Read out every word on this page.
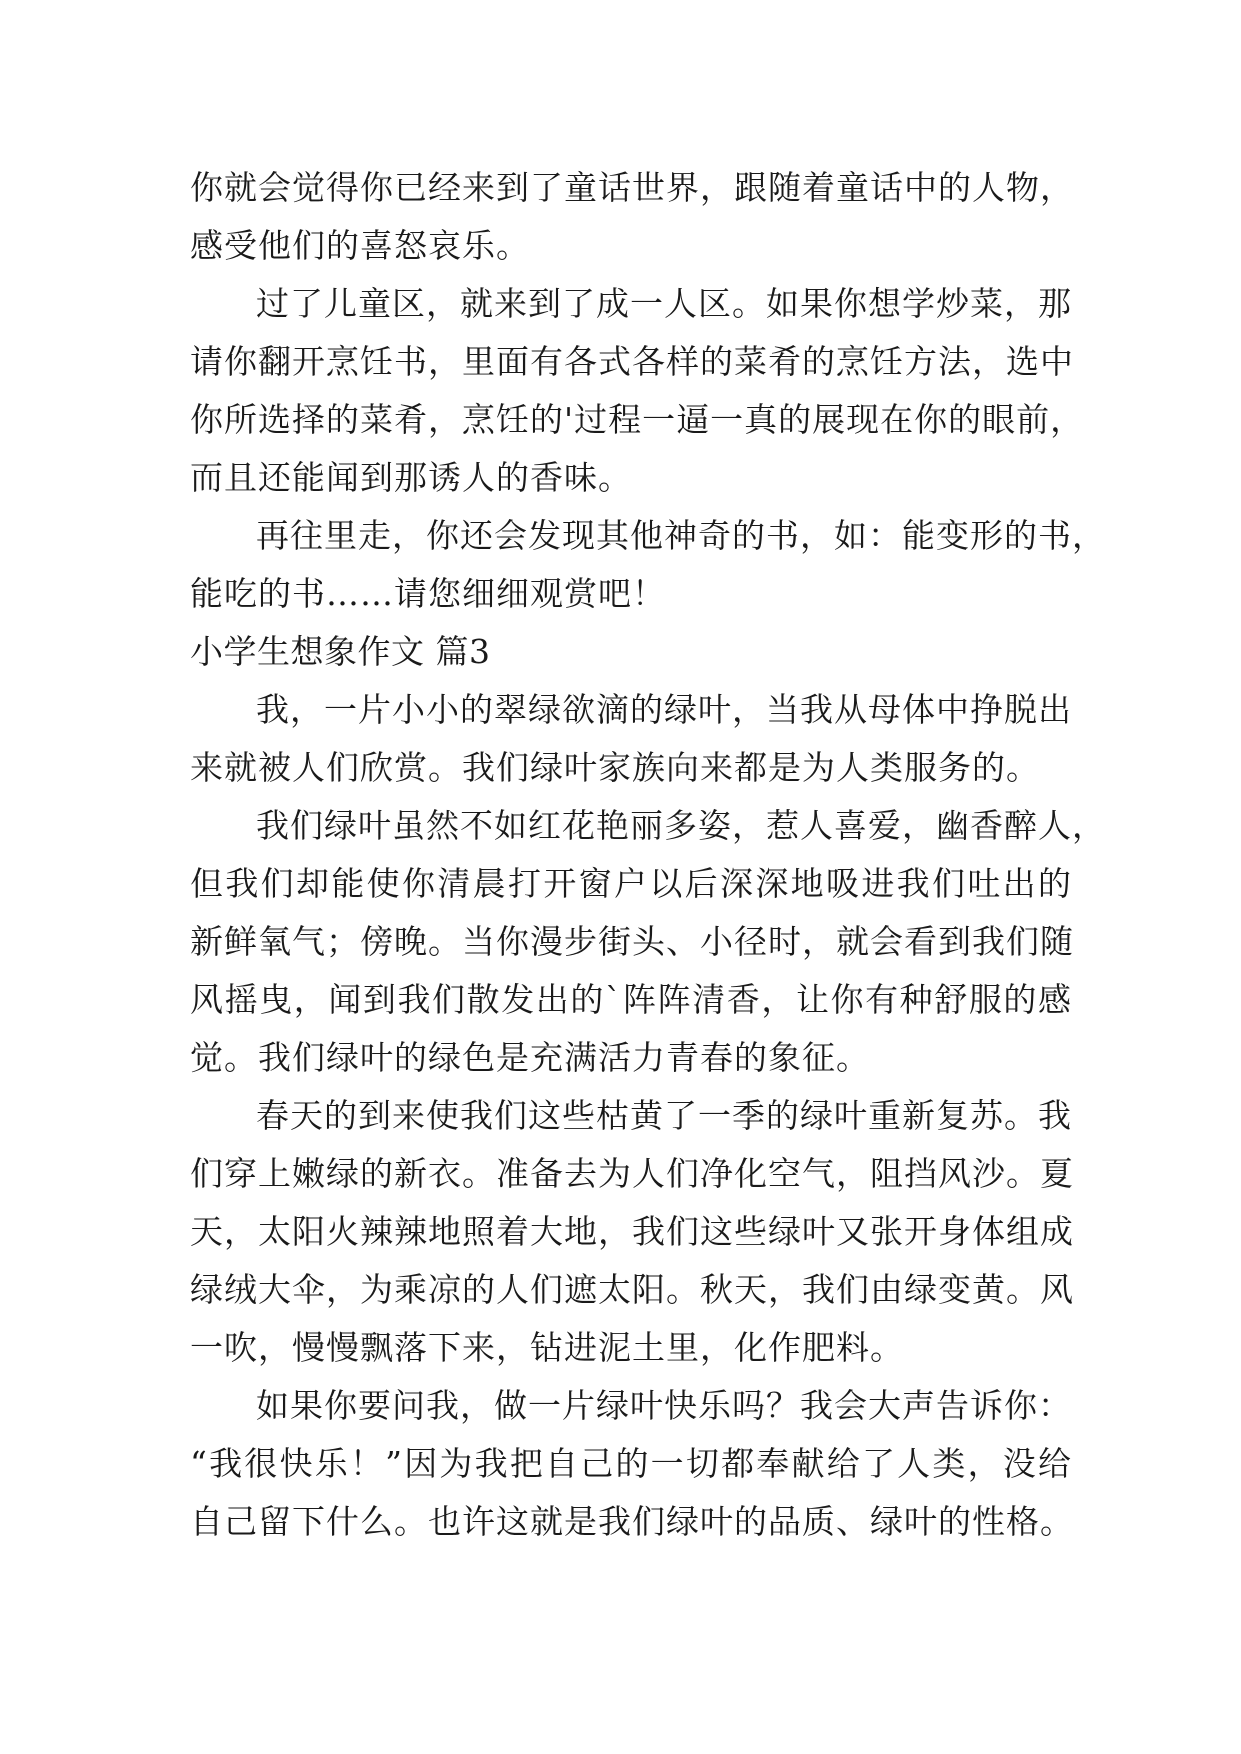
你就会觉得你已经来到了童话世界，跟随着童话中的人物，
感受他们的喜怒哀乐。
过了儿童区，就来到了成一人区。如果你想学炒菜，那
请你翻开烹饪书，里面有各式各样的菜肴的烹饪方法，选中
你所选择的菜肴，烹饪的'过程一逼一真的展现在你的眼前，
而且还能闻到那诱人的香味。
再往里走，你还会发现其他神奇的书，如：能变形的书，
能吃的书……请您细细观赏吧！
小学生想象作文 篇3
我，一片小小的翠绿欲滴的绿叶，当我从母体中挣脱出
来就被人们欣赏。我们绿叶家族向来都是为人类服务的。
我们绿叶虽然不如红花艳丽多姿，惹人喜爱，幽香醉人，
但我们却能使你清晨打开窗户以后深深地吸进我们吐出的
新鲜氧气；傍晚。当你漫步街头、小径时，就会看到我们随
风摇曳，闻到我们散发出的`阵阵清香，让你有种舒服的感
觉。我们绿叶的绿色是充满活力青春的象征。
春天的到来使我们这些枯黄了一季的绿叶重新复苏。我
们穿上嫩绿的新衣。准备去为人们净化空气，阻挡风沙。夏
天，太阳火辣辣地照着大地，我们这些绿叶又张开身体组成
绿绒大伞，为乘凉的人们遮太阳。秋天，我们由绿变黄。风
一吹，慢慢飘落下来，钻进泥土里，化作肥料。
如果你要问我，做一片绿叶快乐吗？我会大声告诉你：
“我很快乐！”因为我把自己的一切都奉献给了人类，没给
自己留下什么。也许这就是我们绿叶的品质、绿叶的性格。
